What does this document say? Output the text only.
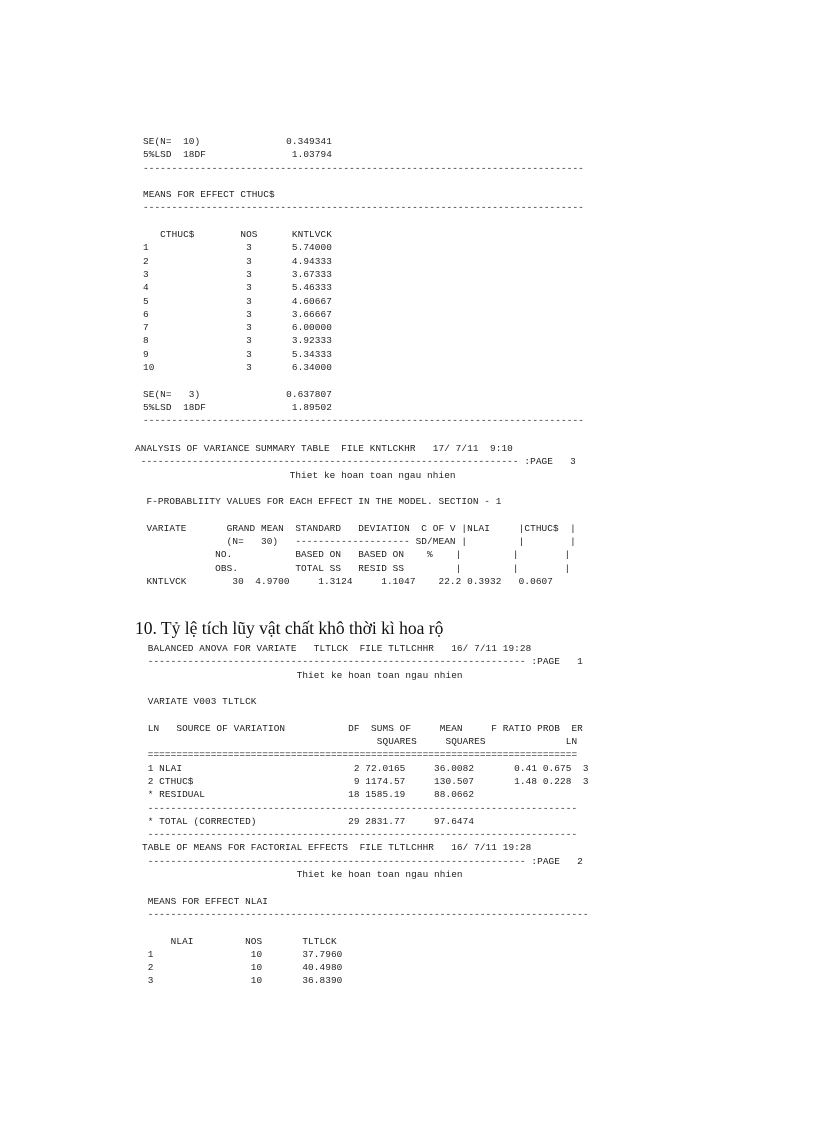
SE(N=  10)               0.349341
5%LSD  18DF               1.03794
-----------------------------------------------------------------------------

MEANS FOR EFFECT CTHUC$
-----------------------------------------------------------------------------

CTHUC$        NOS      KNTLVCK
1                 3       5.74000
2                 3       4.94333
3                 3       3.67333
4                 3       5.46333
5                 3       4.60667
6                 3       3.66667
7                 3       6.00000
8                 3       3.92333
9                 3       5.34333
10                3       6.34000

SE(N=   3)               0.637807
5%LSD  18DF               1.89502
-----------------------------------------------------------------------------
ANALYSIS OF VARIANCE SUMMARY TABLE  FILE KNTLCKHR   17/ 7/11  9:10
------------------------------------------------------------------ :PAGE   3
Thiet ke hoan toan ngau nhien

F-PROBABLIITY VALUES FOR EACH EFFECT IN THE MODEL. SECTION - 1

VARIATE       GRAND MEAN  STANDARD   DEVIATION  C OF V |NLAI     |CTHUC$  |
(N=   30)   -------------------- SD/MEAN |         |        |
NO.           BASED ON   BASED ON    %    |         |        |
OBS.          TOTAL SS   RESID SS         |         |        |
KNTLVCK        30  4.9700     1.3124     1.1047    22.2 0.3932   0.0607
10. Tỷ lệ tích lũy vật chất khô thời kì hoa rộ
BALANCED ANOVA FOR VARIATE   TLTLCK  FILE TLTLCHHR   16/ 7/11 19:28
------------------------------------------------------------------ :PAGE   1
Thiet ke hoan toan ngau nhien

VARIATE V003 TLTLCK

LN   SOURCE OF VARIATION           DF  SUMS OF     MEAN     F RATIO PROB  ER
SQUARES     SQUARES              LN
===========================================================================
1 NLAI                              2 72.0165     36.0082       0.41 0.675  3
2 CTHUC$                            9 1174.57     130.507       1.48 0.228  3
* RESIDUAL                         18 1585.19     88.0662
---------------------------------------------------------------------------
* TOTAL (CORRECTED)                29 2831.77     97.6474
---------------------------------------------------------------------------
TABLE OF MEANS FOR FACTORIAL EFFECTS  FILE TLTLCHHR   16/ 7/11 19:28
------------------------------------------------------------------ :PAGE   2
Thiet ke hoan toan ngau nhien

MEANS FOR EFFECT NLAI
-----------------------------------------------------------------------------

NLAI         NOS       TLTLCK
1                 10       37.7960
2                 10       40.4980
3                 10       36.8390
